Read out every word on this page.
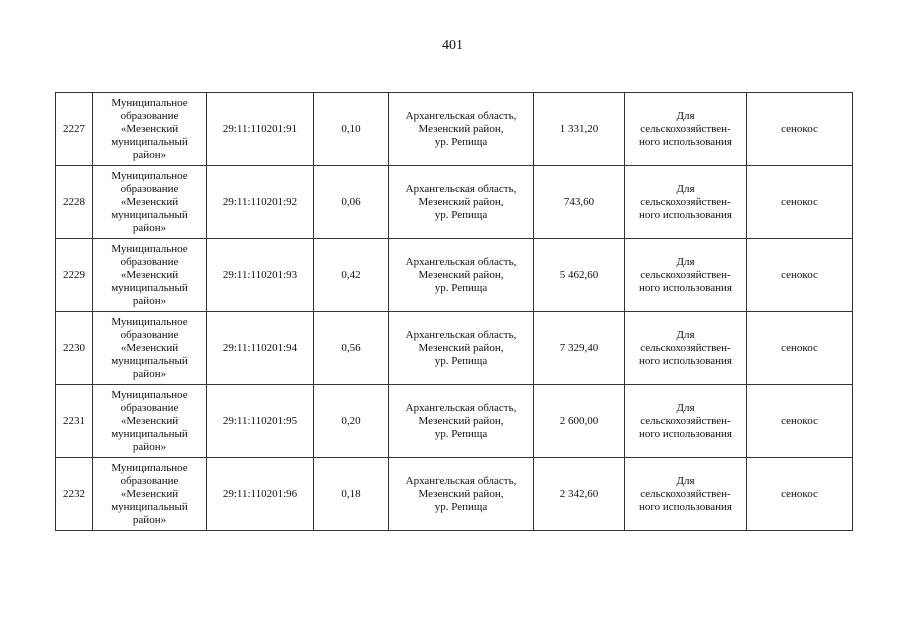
401
2227	Муниципальное
образование
«Мезенский
муниципальный
район»	29:11:110201:91	0,10	Архангельская область,
Мезенский район,
ур. Репища	1 331,20	Для
сельскохозяйствен-
ного использования	сенокос
2228	Муниципальное
образование
«Мезенский
муниципальный
район»	29:11:110201:92	0,06	Архангельская область,
Мезенский район,
ур. Репища	743,60	Для
сельскохозяйствен-
ного использования	сенокос
2229	Муниципальное
образование
«Мезенский
муниципальный
район»	29:11:110201:93	0,42	Архангельская область,
Мезенский район,
ур. Репища	5 462,60	Для
сельскохозяйствен-
ного использования	сенокос
2230	Муниципальное
образование
«Мезенский
муниципальный
район»	29:11:110201:94	0,56	Архангельская область,
Мезенский район,
ур. Репища	7 329,40	Для
сельскохозяйствен-
ного использования	сенокос
2231	Муниципальное
образование
«Мезенский
муниципальный
район»	29:11:110201:95	0,20	Архангельская область,
Мезенский район,
ур. Репища	2 600,00	Для
сельскохозяйствен-
ного использования	сенокос
2232	Муниципальное
образование
«Мезенский
муниципальный
район»	29:11:110201:96	0,18	Архангельская область,
Мезенский район,
ур. Репища	2 342,60	Для
сельскохозяйствен-
ного использования	сенокос
